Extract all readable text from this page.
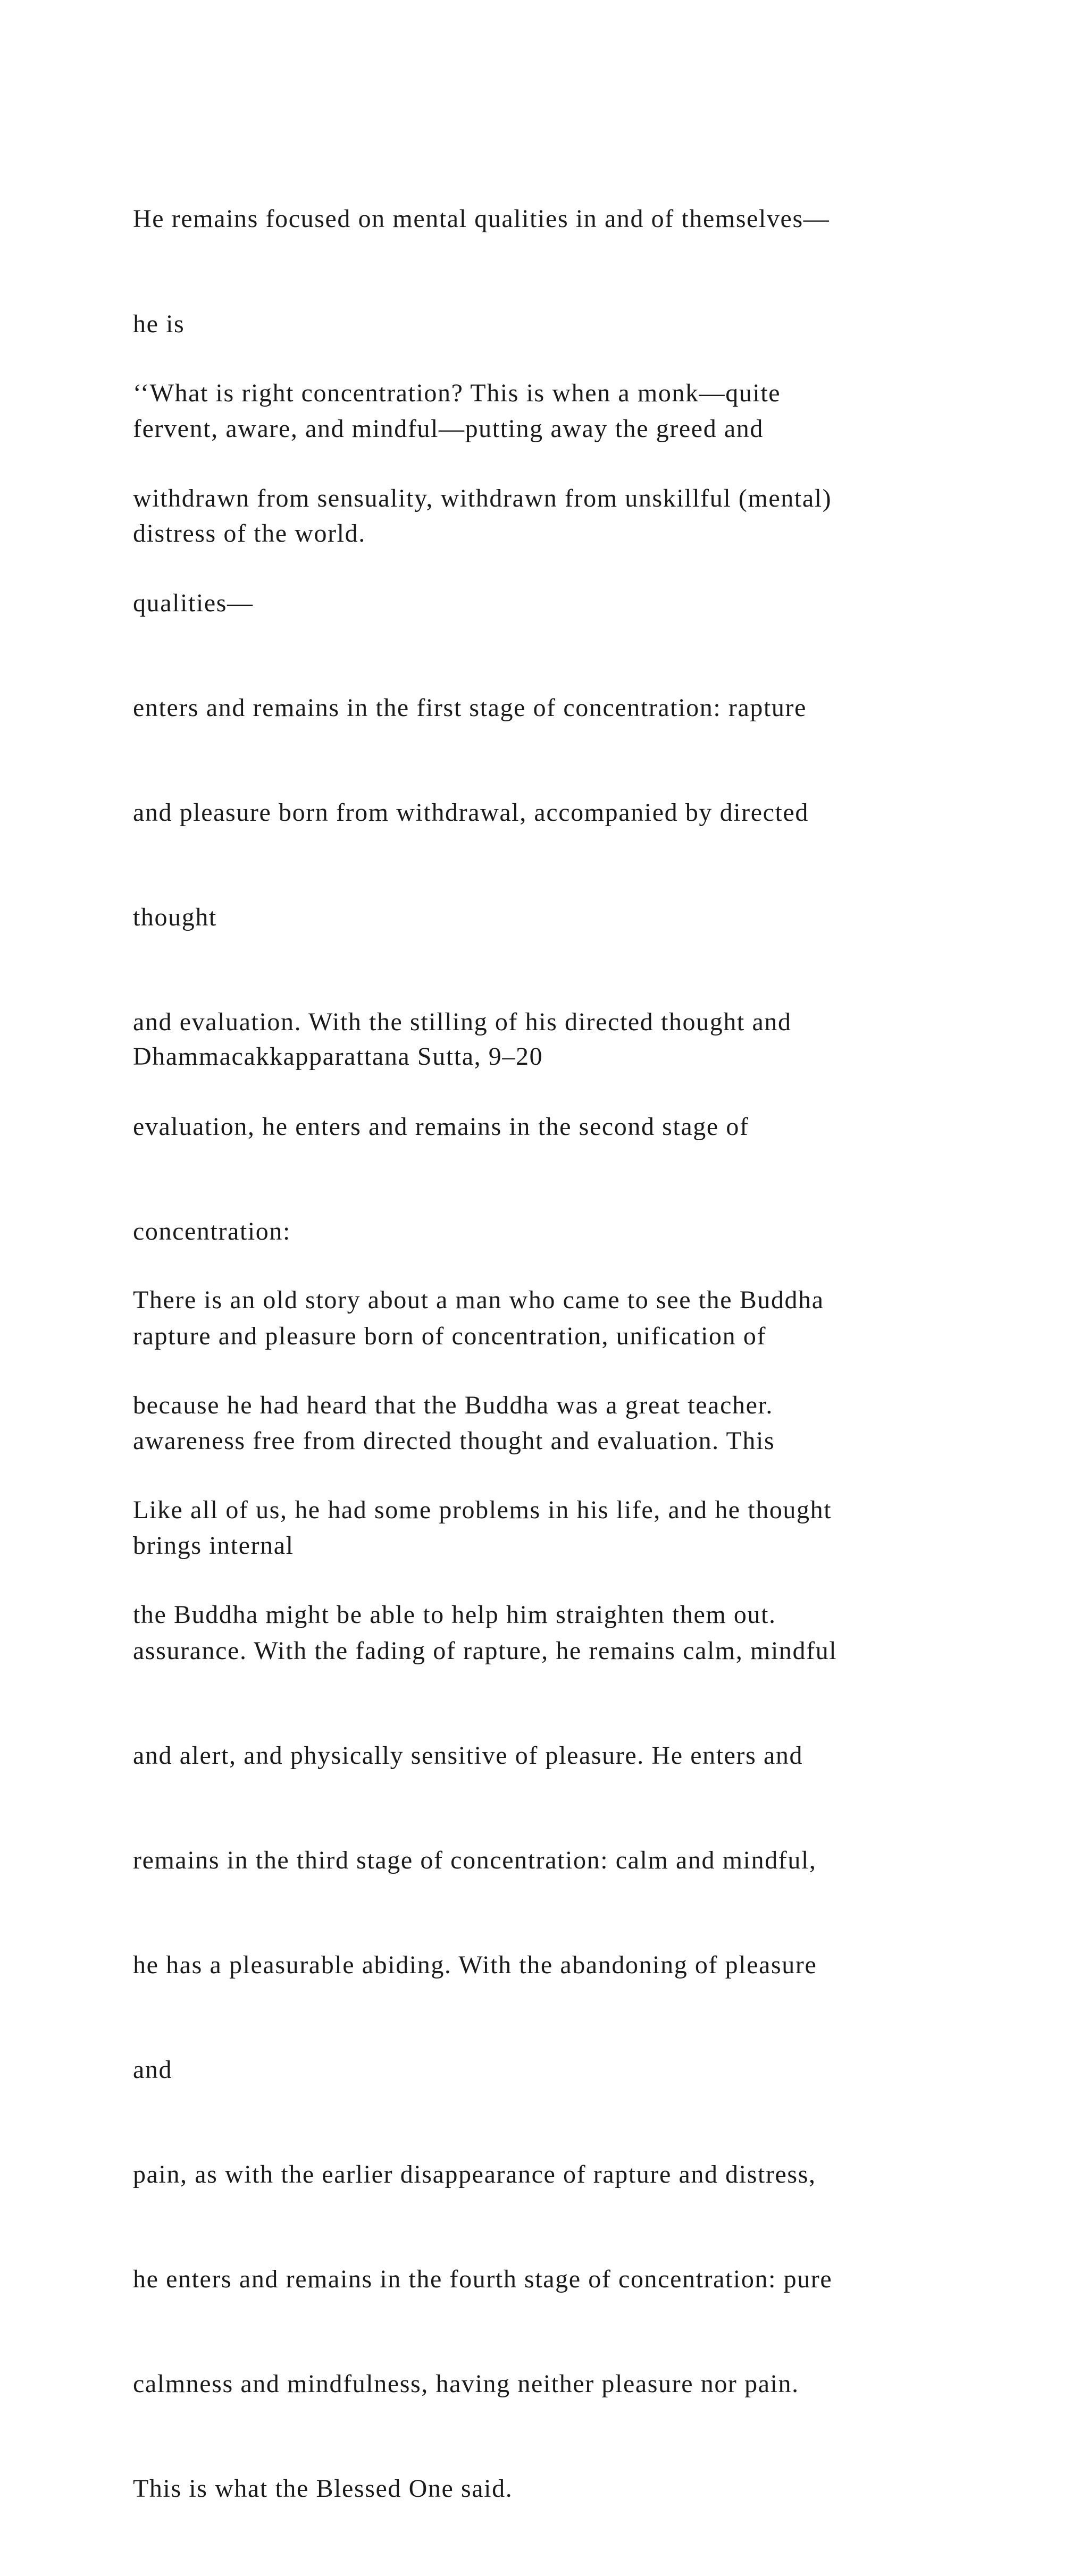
He remains focused on mental qualities in and of themselves—

he is

fervent, aware, and mindful—putting away the greed and

distress of the world.

‘‘What is right concentration? This is when a monk—quite

withdrawn from sensuality, withdrawn from unskillful (mental)

qualities—

enters and remains in the first stage of concentration: rapture

and pleasure born from withdrawal, accompanied by directed

thought

and evaluation. With the stilling of his directed thought and

evaluation, he enters and remains in the second stage of

concentration:

rapture and pleasure born of concentration, unification of

awareness free from directed thought and evaluation. This

brings internal

assurance. With the fading of rapture, he remains calm, mindful

and alert, and physically sensitive of pleasure. He enters and

remains in the third stage of concentration: calm and mindful,

he has a pleasurable abiding. With the abandoning of pleasure

and

pain, as with the earlier disappearance of rapture and distress,

he enters and remains in the fourth stage of concentration: pure

calmness and mindfulness, having neither pleasure nor pain.

This is what the Blessed One said.

Dhammacakkapparattana Sutta, 9–20

There is an old story about a man who came to see the Buddha

because he had heard that the Buddha was a great teacher.

Like all of us, he had some problems in his life, and he thought

the Buddha might be able to help him straighten them out.
